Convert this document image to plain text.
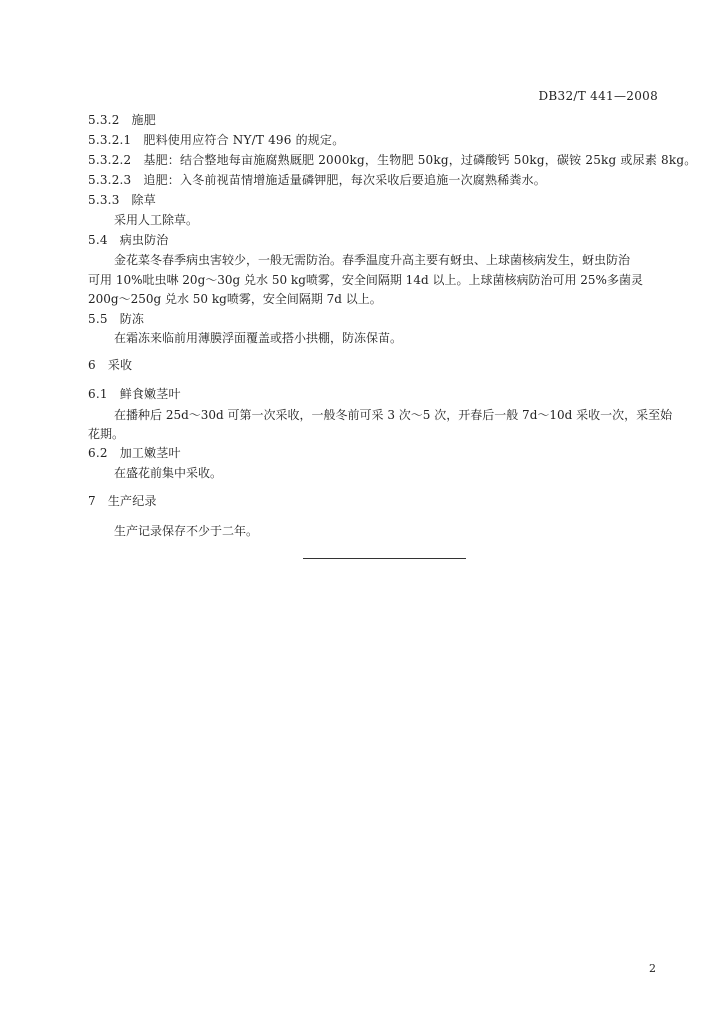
DB32/T 441—2008
5.3.2 施肥
5.3.2.1 肥料使用应符合 NY/T 496 的规定。
5.3.2.2 基肥：结合整地每亩施腐熟厩肥 2000kg，生物肥 50kg，过磷酸钙 50kg，碳铵 25kg 或尿素 8kg。
5.3.2.3 追肥：入冬前视苗情增施适量磷钾肥，每次采收后要追施一次腐熟稀粪水。
5.3.3 除草
采用人工除草。
5.4 病虫防治
金花菜冬春季病虫害较少，一般无需防治。春季温度升高主要有蚜虫、上球菌核病发生，蚜虫防治
可用 10%吡虫啉 20g～30g 兑水 50 kg喷雾，安全间隔期 14d 以上。上球菌核病防治可用 25%多菌灵
200g～250g 兑水 50 kg喷雾，安全间隔期 7d 以上。
5.5 防冻
在霜冻来临前用薄膜浮面覆盖或搭小拱棚，防冻保苗。
6 采收
6.1 鲜食嫩茎叶
在播种后 25d～30d 可第一次采收，一般冬前可采 3 次～5 次，开春后一般 7d～10d 采收一次，采至始
花期。
6.2 加工嫩茎叶
在盛花前集中采收。
7 生产纪录
生产记录保存不少于二年。
2
